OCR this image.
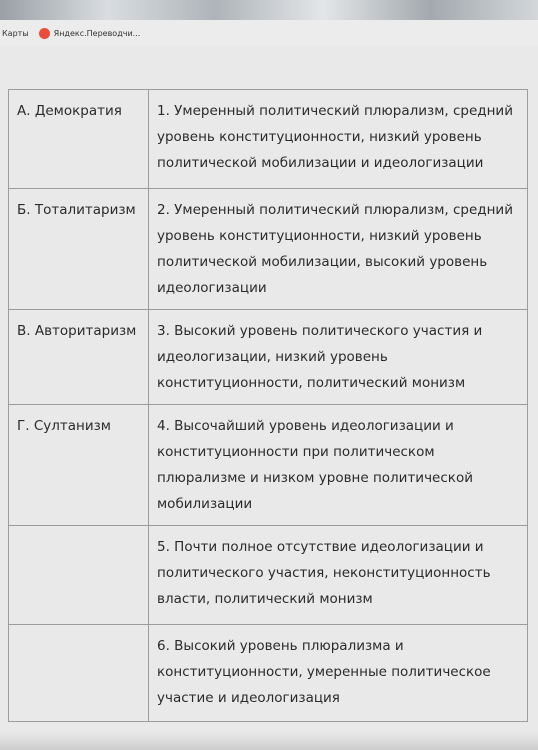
Карты	Яндекс.Переводчи...
А. Демократия	1. Умеренный политический плюрализм, средний уровень конституционности, низкий уровень политической мобилизации и идеологизации
Б. Тоталитаризм	2. Умеренный политический плюрализм, средний уровень конституционности, низкий уровень политической мобилизации, высокий уровень идеологизации
В. Авторитаризм	3. Высокий уровень политического участия и идеологизации, низкий уровень конституционности, политический монизм
Г. Султанизм	4. Высочайший уровень идеологизации и конституционности при политическом плюрализме и низком уровне политической мобилизации
	5. Почти полное отсутствие идеологизации и политического участия, неконституционность власти, политический монизм
	6. Высокий уровень плюрализма и конституционности, умеренные политическое участие и идеологизация
